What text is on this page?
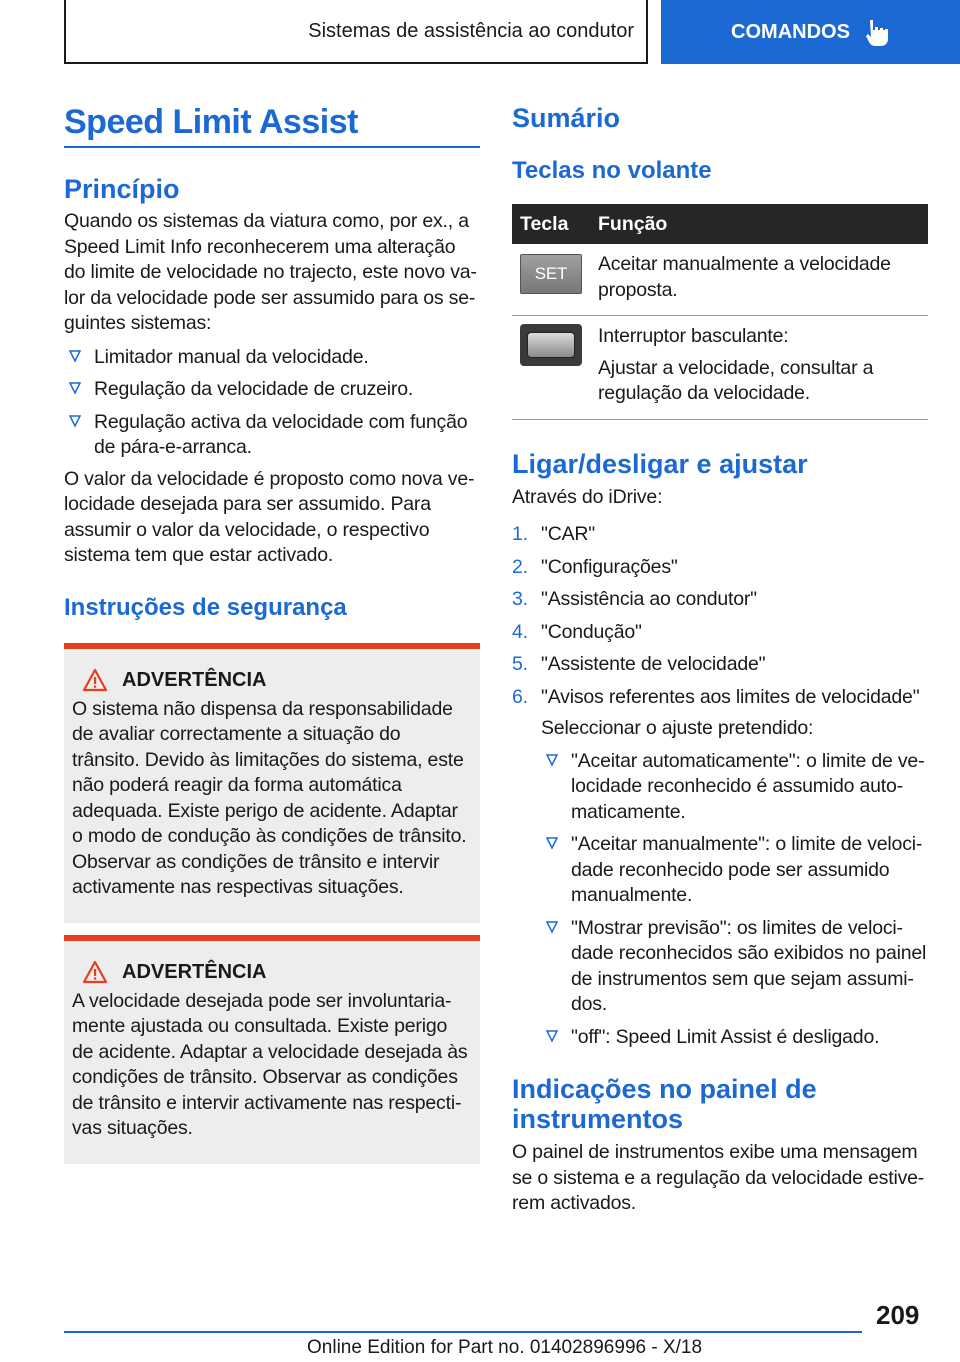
Sistemas de assistência ao condutor	COMANDOS
Speed Limit Assist
Princípio
Quando os sistemas da viatura como, por ex., a Speed Limit Info reconhecerem uma alteração do limite de velocidade no trajecto, este novo valor da velocidade pode ser assumido para os seguintes sistemas:
Limitador manual da velocidade.
Regulação da velocidade de cruzeiro.
Regulação activa da velocidade com função de pára-e-arranca.
O valor da velocidade é proposto como nova velocidade desejada para ser assumido. Para assumir o valor da velocidade, o respectivo sistema tem que estar activado.
Instruções de segurança
ADVERTÊNCIA
O sistema não dispensa da responsabilidade de avaliar correctamente a situação do trânsito. Devido às limitações do sistema, este não poderá reagir da forma automática adequada. Existe perigo de acidente. Adaptar o modo de condução às condições de trânsito. Observar as condições de trânsito e intervir activamente nas respectivas situações.
ADVERTÊNCIA
A velocidade desejada pode ser involuntariamente ajustada ou consultada. Existe perigo de acidente. Adaptar a velocidade desejada às condições de trânsito. Observar as condições de trânsito e intervir activamente nas respectivas situações.
Sumário
Teclas no volante
Tecla	Função

SET	Aceitar manualmente a velocidade proposta.

	Interruptor basculante:
Ajustar a velocidade, consultar a regulação da velocidade.
Ligar/desligar e ajustar
Através do iDrive:
1. "CAR"
2. "Configurações"
3. "Assistência ao condutor"
4. "Condução"
5. "Assistente de velocidade"
6. "Avisos referentes aos limites de velocidade"
Seleccionar o ajuste pretendido:
"Aceitar automaticamente": o limite de velocidade reconhecido é assumido automaticamente.
"Aceitar manualmente": o limite de velocidade reconhecido pode ser assumido manualmente.
"Mostrar previsão": os limites de velocidade reconhecidos são exibidos no painel de instrumentos sem que sejam assumidos.
"off": Speed Limit Assist é desligado.
Indicações no painel de instrumentos
O painel de instrumentos exibe uma mensagem se o sistema e a regulação da velocidade estiverem activados.
209
Online Edition for Part no. 01402896996 - X/18
